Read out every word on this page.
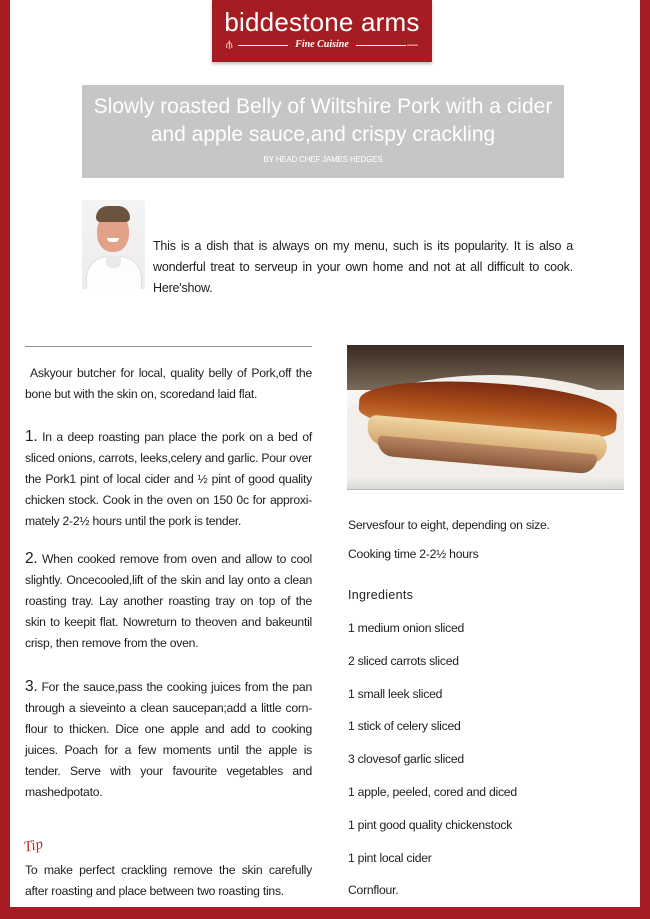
biddestone arms
⫛	Fine Cuisine	—
Slowly roasted Belly of Wiltshire Pork with a cider and apple sauce,and crispy crackling
BY HEAD CHEF JAMES HEDGES
This is a dish that is always on my menu, such is its popularity. It is also a wonderful treat to serveup in your own home and not at all difficult to cook. Here'show.

Askyour butcher for local, quality belly of Pork,off the bone but with the skin on, scoredand laid flat.

1. In a deep roasting pan place the pork on a bed of sliced onions, carrots, leeks,celery and garlic. Pour over the Pork1 pint of local cider and ½ pint of good quality chicken stock. Cook in the oven on 150 0c for approxi-mately 2-2½ hours until the pork is tender.

2. When cooked remove from oven and allow to cool slightly. Oncecooled,lift of the skin and lay onto a clean roasting tray. Lay another roasting tray on top of the skin to keepit flat. Nowreturn to theoven and bakeuntil crisp, then remove from the oven.

3. For the sauce,pass the cooking juices from the pan through a sieveinto a clean saucepan;add a little corn-flour to thicken. Dice one apple and add to cooking juices. Poach for a few moments until the apple is tender. Serve with your favourite vegetables and mashedpotato.

Tip

To make perfect crackling remove the skin carefully after roasting and place between two roasting tins.

Servesfour to eight, depending on size.
Cooking time 2-2½ hours
Ingredients
1 medium onion sliced
2 sliced carrots sliced
1 small leek sliced
1 stick of celery sliced
3 clovesof garlic sliced
1 apple, peeled, cored and diced
1 pint good quality chickenstock
1 pint local cider
Cornflour.
